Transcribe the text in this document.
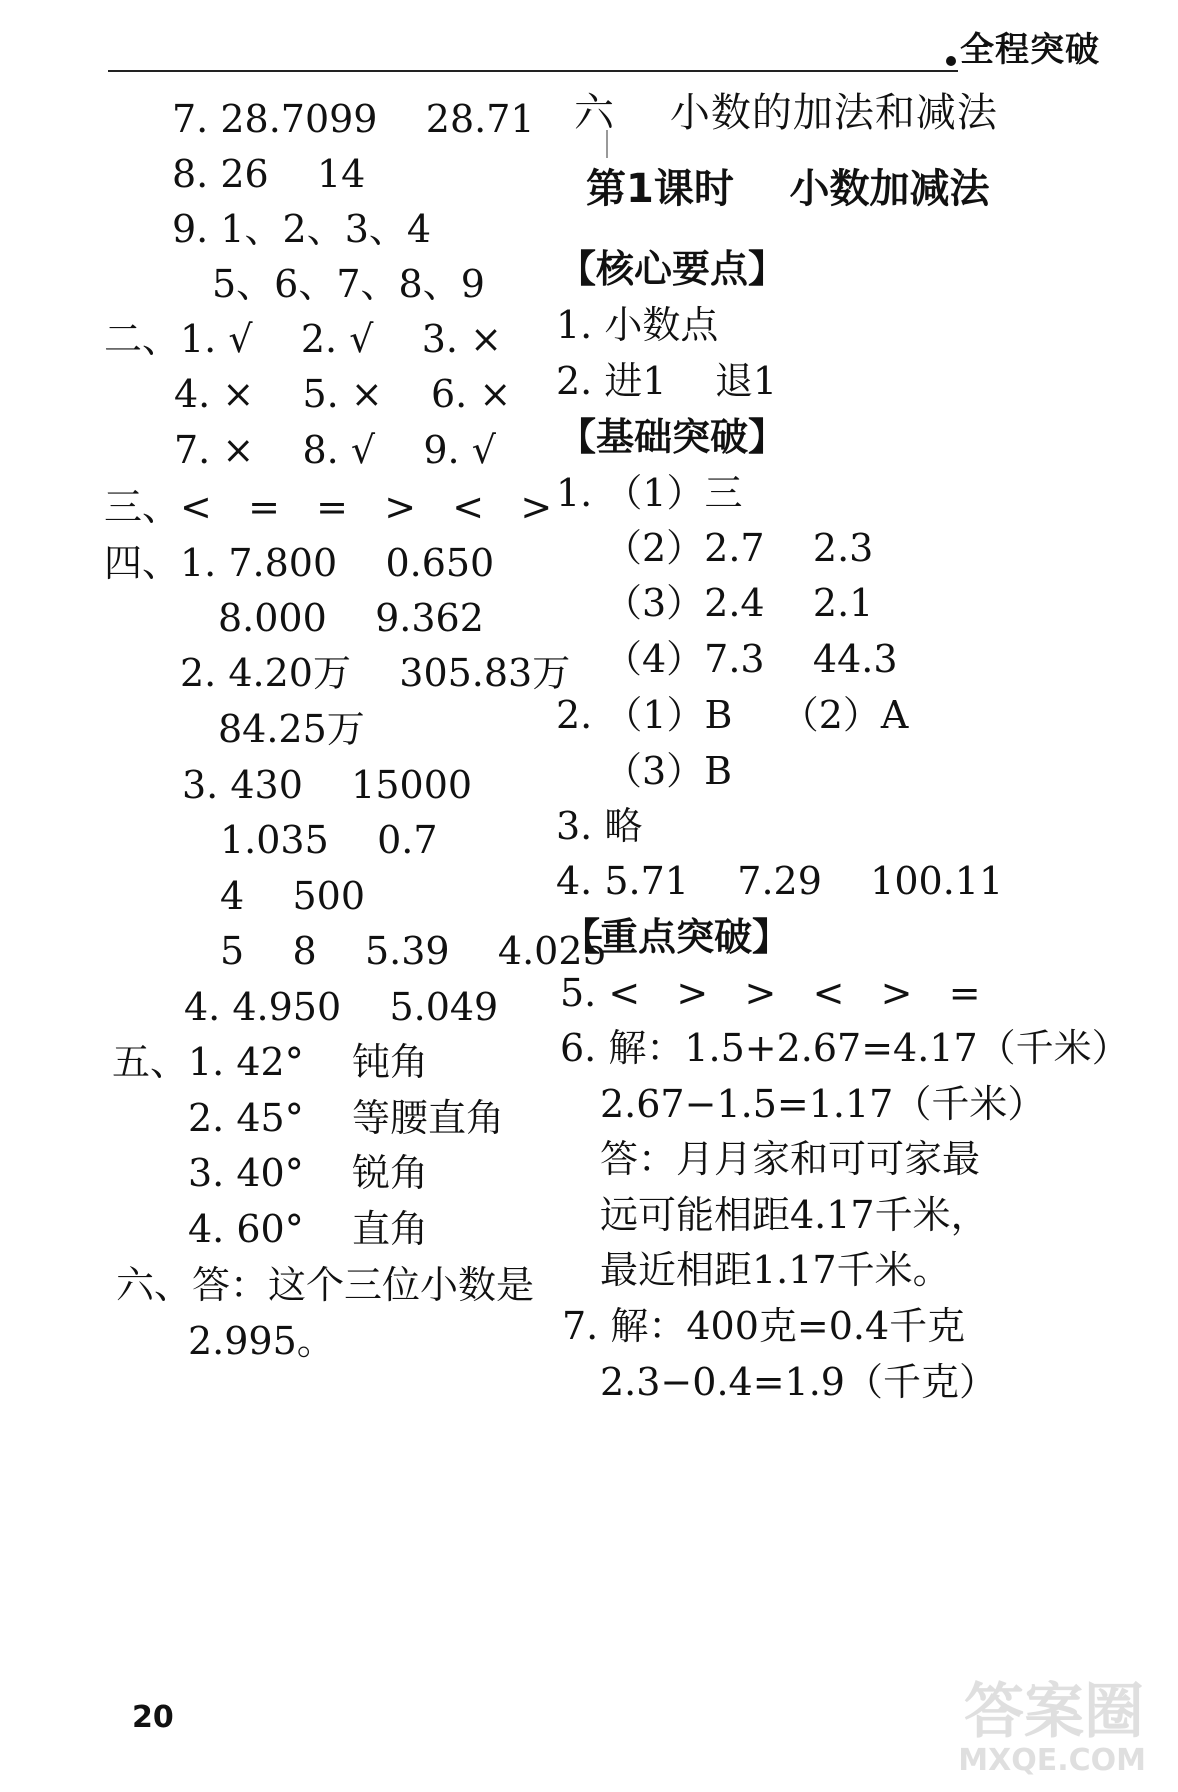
全程突破
7. 28.7099    28.71
8. 26    14
9. 1、2、3、4
5、6、7、8、9
二、1. √    2. √    3. ×
4. ×    5. ×    6. ×
7. ×    8. √    9. √
三、<   =   =   >   <   >
四、1. 7.800    0.650
8.000    9.362
2. 4.20万    305.83万
84.25万
3. 430    15000
1.035    0.7
4    500
5    8    5.39    4.025
4. 4.950    5.049
五、1. 42°    钝角
2. 45°    等腰直角
3. 40°    锐角
4. 60°    直角
六、答：这个三位小数是
2.995。
六    小数的加法和减法
第1课时    小数加减法
【核心要点】
1. 小数点
2. 进1    退1
【基础突破】
1. （1）三
（2）2.7    2.3
（3）2.4    2.1
（4）7.3    44.3
2. （1）B    （2）A
（3）B
3. 略
4. 5.71    7.29    100.11
【重点突破】
5. <   >   >   <   >   =
6. 解：1.5+2.67=4.17（千米）
2.67−1.5=1.17（千米）
答：月月家和可可家最
远可能相距4.17千米，
最近相距1.17千米。
7. 解：400克=0.4千克
2.3−0.4=1.9（千克）
20	答案圈
MXQE.COM
